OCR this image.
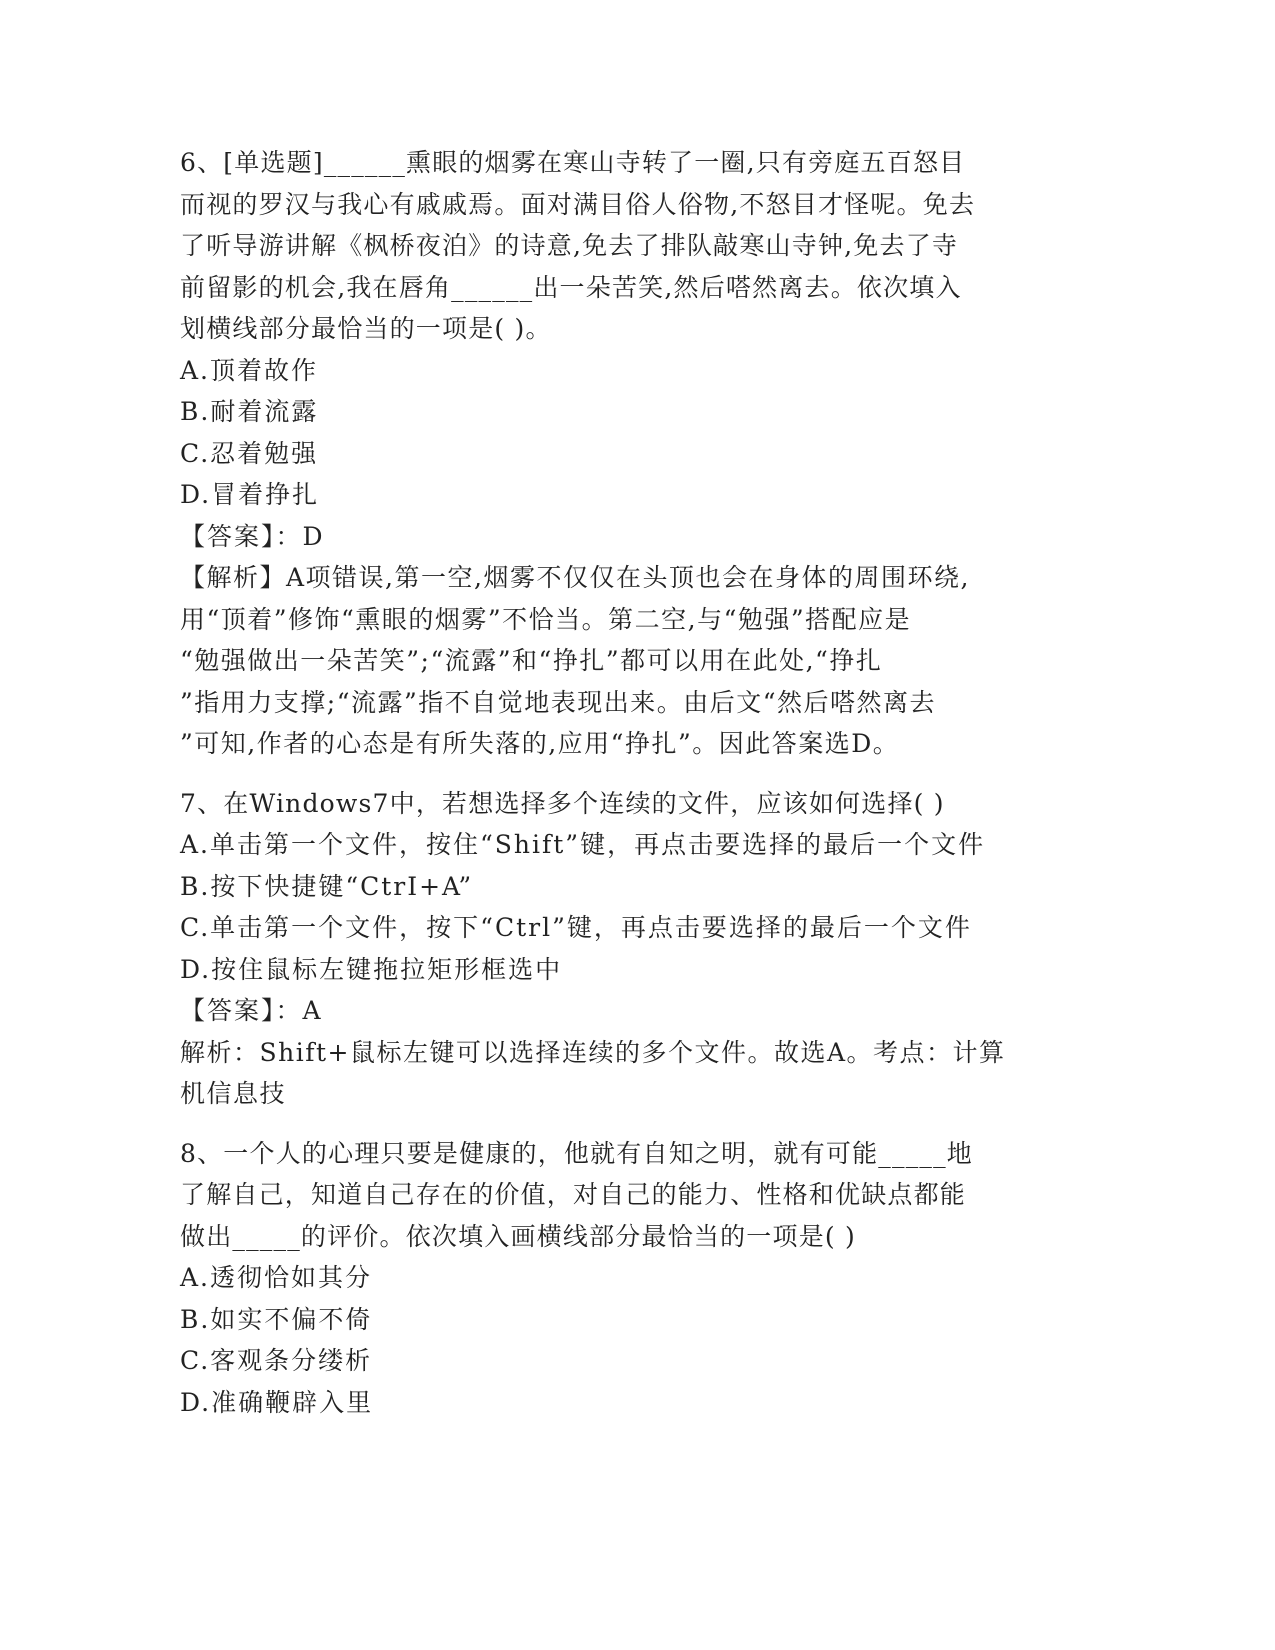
6、[单选题]______熏眼的烟雾在寒山寺转了一圈,只有旁庭五百怒目
而视的罗汉与我心有戚戚焉。面对满目俗人俗物,不怒目才怪呢。免去
了听导游讲解《枫桥夜泊》的诗意,免去了排队敲寒山寺钟,免去了寺
前留影的机会,我在唇角______出一朵苦笑,然后嗒然离去。依次填入
划横线部分最恰当的一项是( )。
A.顶着故作
B.耐着流露
C.忍着勉强
D.冒着挣扎
【答案】：D
【解析】A项错误,第一空,烟雾不仅仅在头顶也会在身体的周围环绕,
用“顶着”修饰“熏眼的烟雾”不恰当。第二空,与“勉强”搭配应是
“勉强做出一朵苦笑”;“流露”和“挣扎”都可以用在此处,“挣扎
”指用力支撑;“流露”指不自觉地表现出来。由后文“然后嗒然离去
”可知,作者的心态是有所失落的,应用“挣扎”。因此答案选D。
7、在Windows7中，若想选择多个连续的文件，应该如何选择( )
A.单击第一个文件，按住“Shift”键，再点击要选择的最后一个文件
B.按下快捷键“CtrI+A”
C.单击第一个文件，按下“Ctrl”键，再点击要选择的最后一个文件
D.按住鼠标左键拖拉矩形框选中
【答案】：A
解析：Shift+鼠标左键可以选择连续的多个文件。故选A。考点：计算
机信息技
8、一个人的心理只要是健康的，他就有自知之明，就有可能_____地
了解自己，知道自己存在的价值，对自己的能力、性格和优缺点都能
做出_____的评价。依次填入画横线部分最恰当的一项是( )
A.透彻恰如其分
B.如实不偏不倚
C.客观条分缕析
D.准确鞭辟入里
